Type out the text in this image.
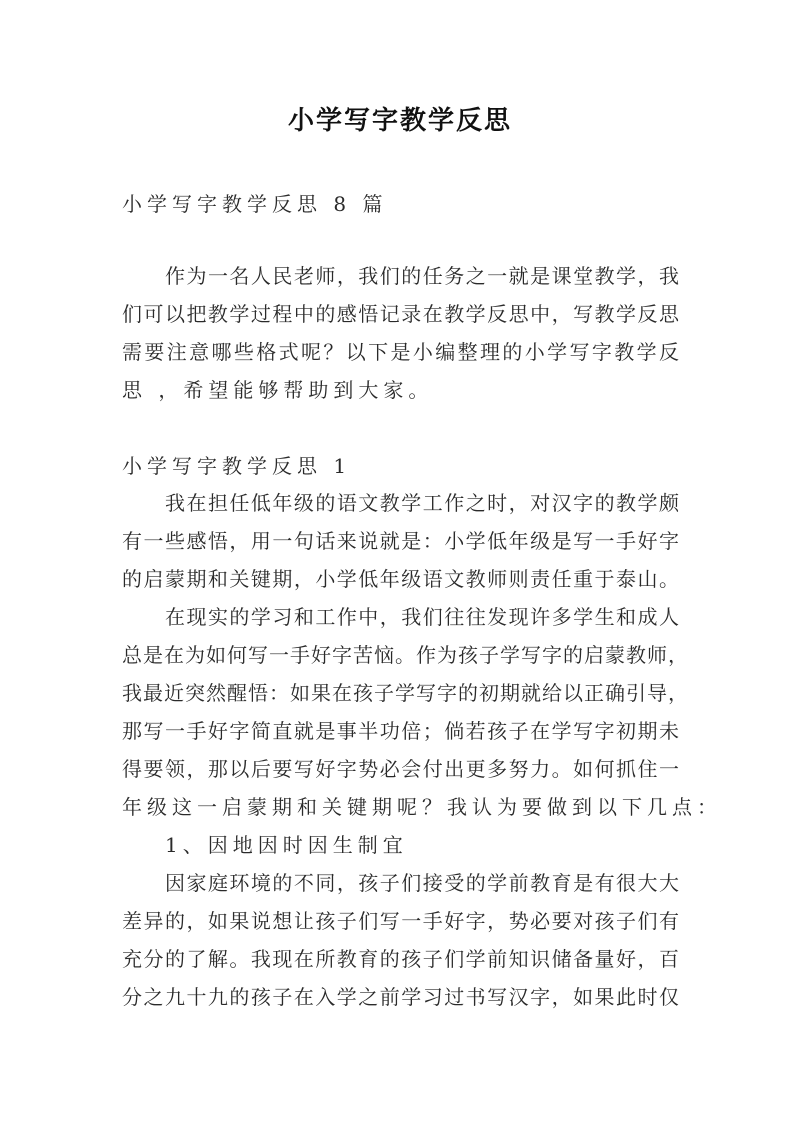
小学写字教学反思
小学写字教学反思 8 篇
作为一名人民老师，我们的任务之一就是课堂教学，我
们可以把教学过程中的感悟记录在教学反思中，写教学反思
需要注意哪些格式呢？以下是小编整理的小学写字教学反
思 ，希望能够帮助到大家。
小学写字教学反思 1
我在担任低年级的语文教学工作之时，对汉字的教学颇
有一些感悟，用一句话来说就是：小学低年级是写一手好字
的启蒙期和关键期，小学低年级语文教师则责任重于泰山。
在现实的学习和工作中，我们往往发现许多学生和成人
总是在为如何写一手好字苦恼。作为孩子学写字的启蒙教师，
我最近突然醒悟：如果在孩子学写字的初期就给以正确引导，
那写一手好字简直就是事半功倍；倘若孩子在学写字初期未
得要领，那以后要写好字势必会付出更多努力。如何抓住一
年级这一启蒙期和关键期呢？我认为要做到以下几点：
1、因地因时因生制宜
因家庭环境的不同，孩子们接受的学前教育是有很大大
差异的，如果说想让孩子们写一手好字，势必要对孩子们有
充分的了解。我现在所教育的孩子们学前知识储备量好，百
分之九十九的孩子在入学之前学习过书写汉字，如果此时仅
